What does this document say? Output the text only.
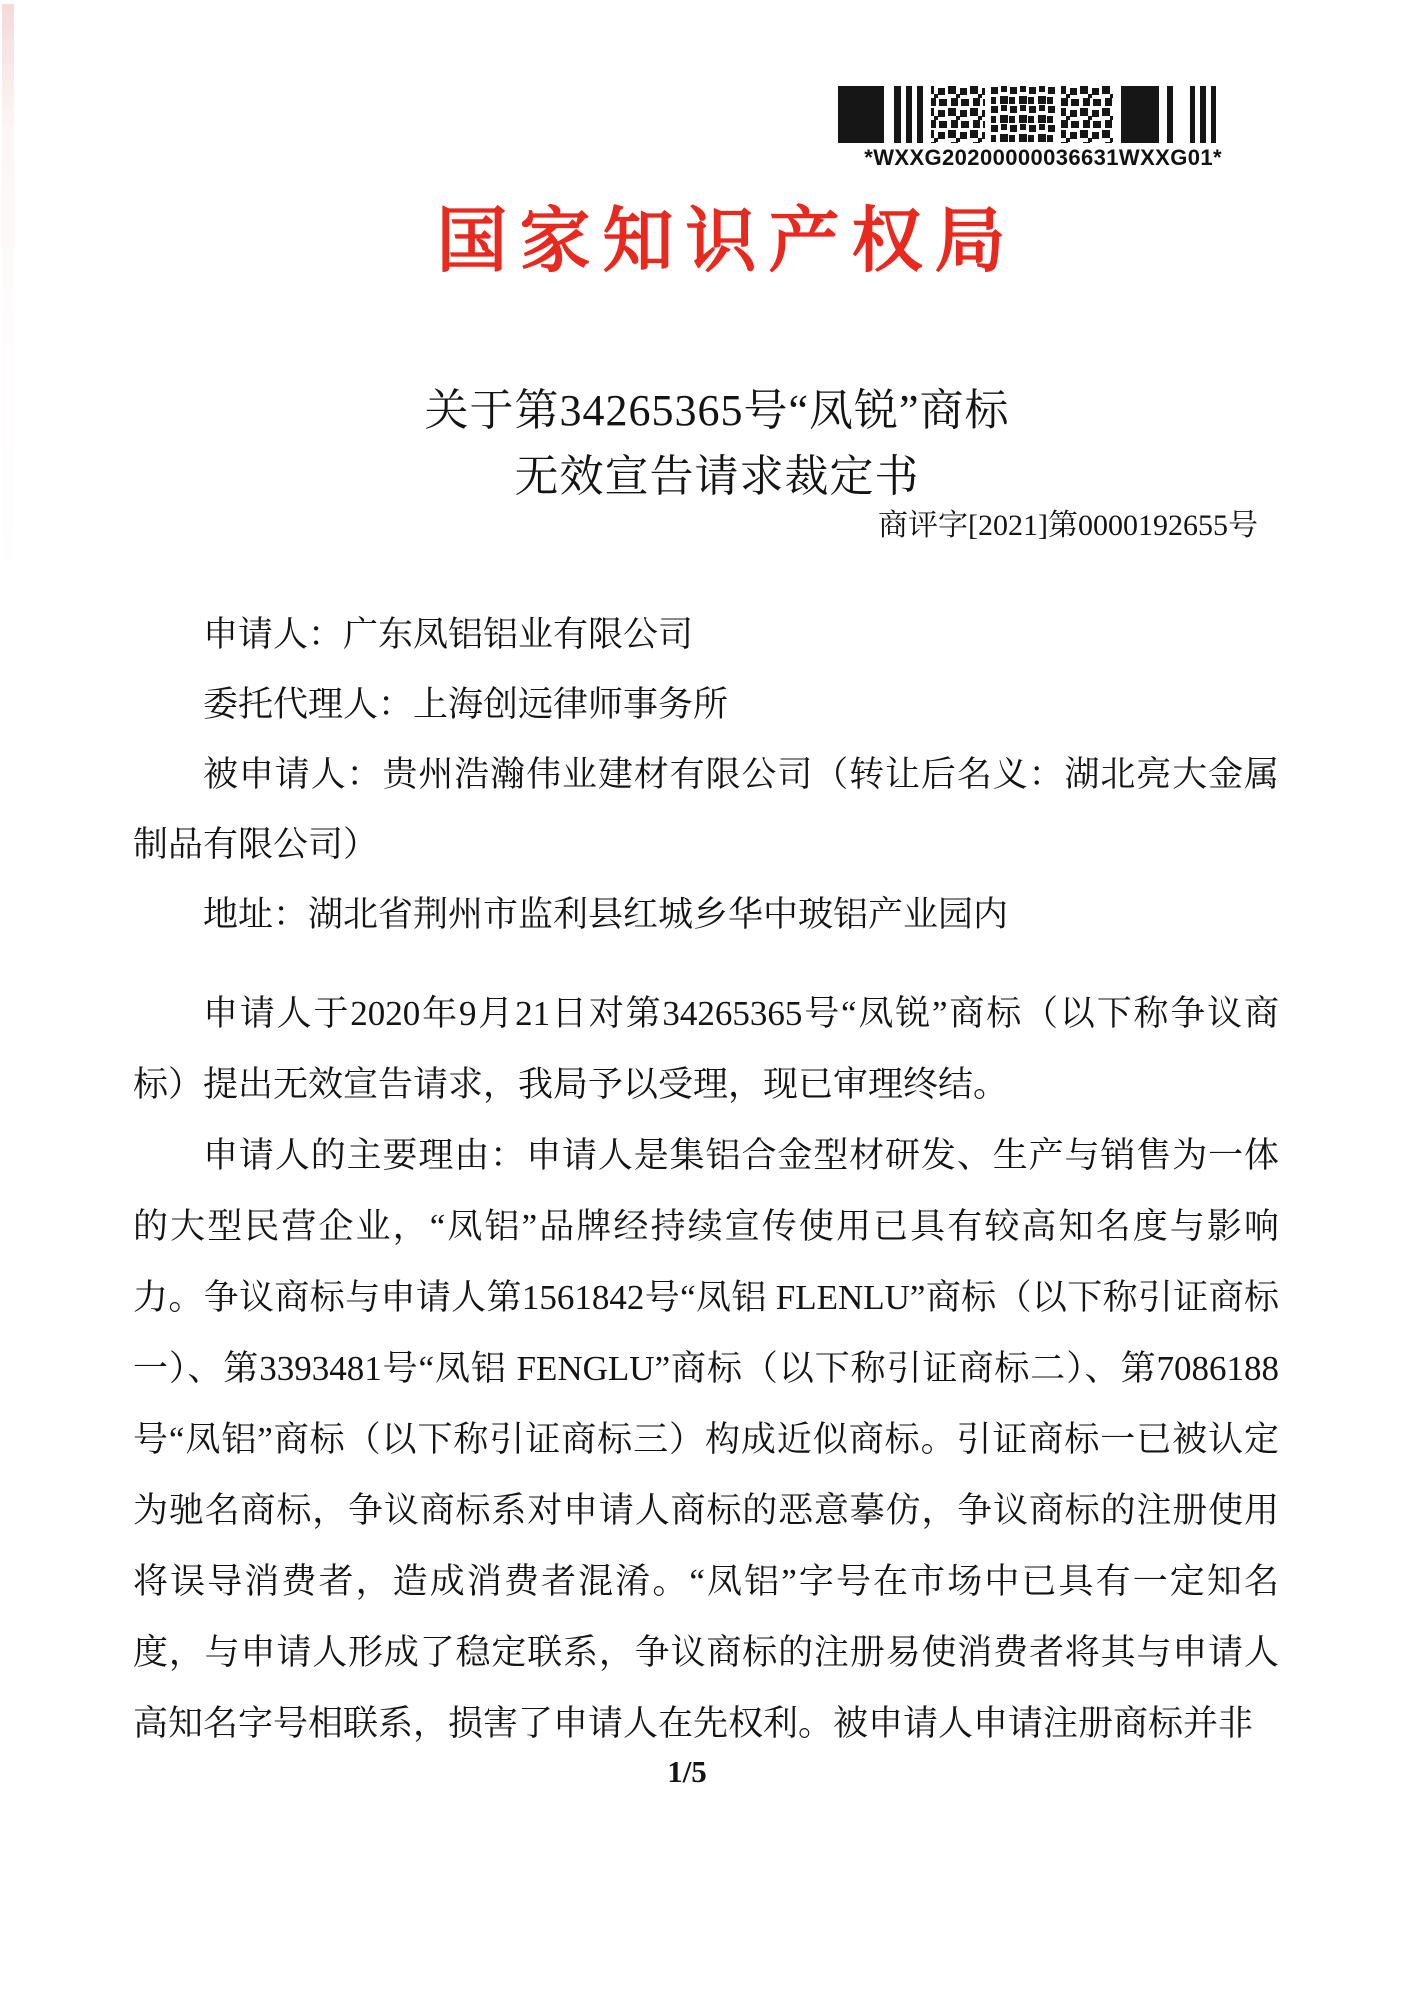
*WXXG20200000036631WXXG01*
国家知识产权局
关于第34265365号“凤锐”商标
无效宣告请求裁定书
商评字[2021]第0000192655号

申请人：广东凤铝铝业有限公司

委托代理人：上海创远律师事务所

被申请人：贵州浩瀚伟业建材有限公司（转让后名义：湖北亮大金属制品有限公司）

地址：湖北省荆州市监利县红城乡华中玻铝产业园内

申请人于2020年9月21日对第34265365号“凤锐”商标（以下称争议商标）提出无效宣告请求，我局予以受理，现已审理终结。

申请人的主要理由：申请人是集铝合金型材研发、生产与销售为一体的大型民营企业，“凤铝”品牌经持续宣传使用已具有较高知名度与影响力。争议商标与申请人第1561842号“凤铝 FLENLU”商标（以下称引证商标一）、第3393481号“凤铝 FENGLU”商标（以下称引证商标二）、第7086188号“凤铝”商标（以下称引证商标三）构成近似商标。引证商标一已被认定为驰名商标，争议商标系对申请人商标的恶意摹仿，争议商标的注册使用将误导消费者，造成消费者混淆。“凤铝”字号在市场中已具有一定知名度，与申请人形成了稳定联系，争议商标的注册易使消费者将其与申请人高知名字号相联系，损害了申请人在先权利。被申请人申请注册商标并非

1/5
